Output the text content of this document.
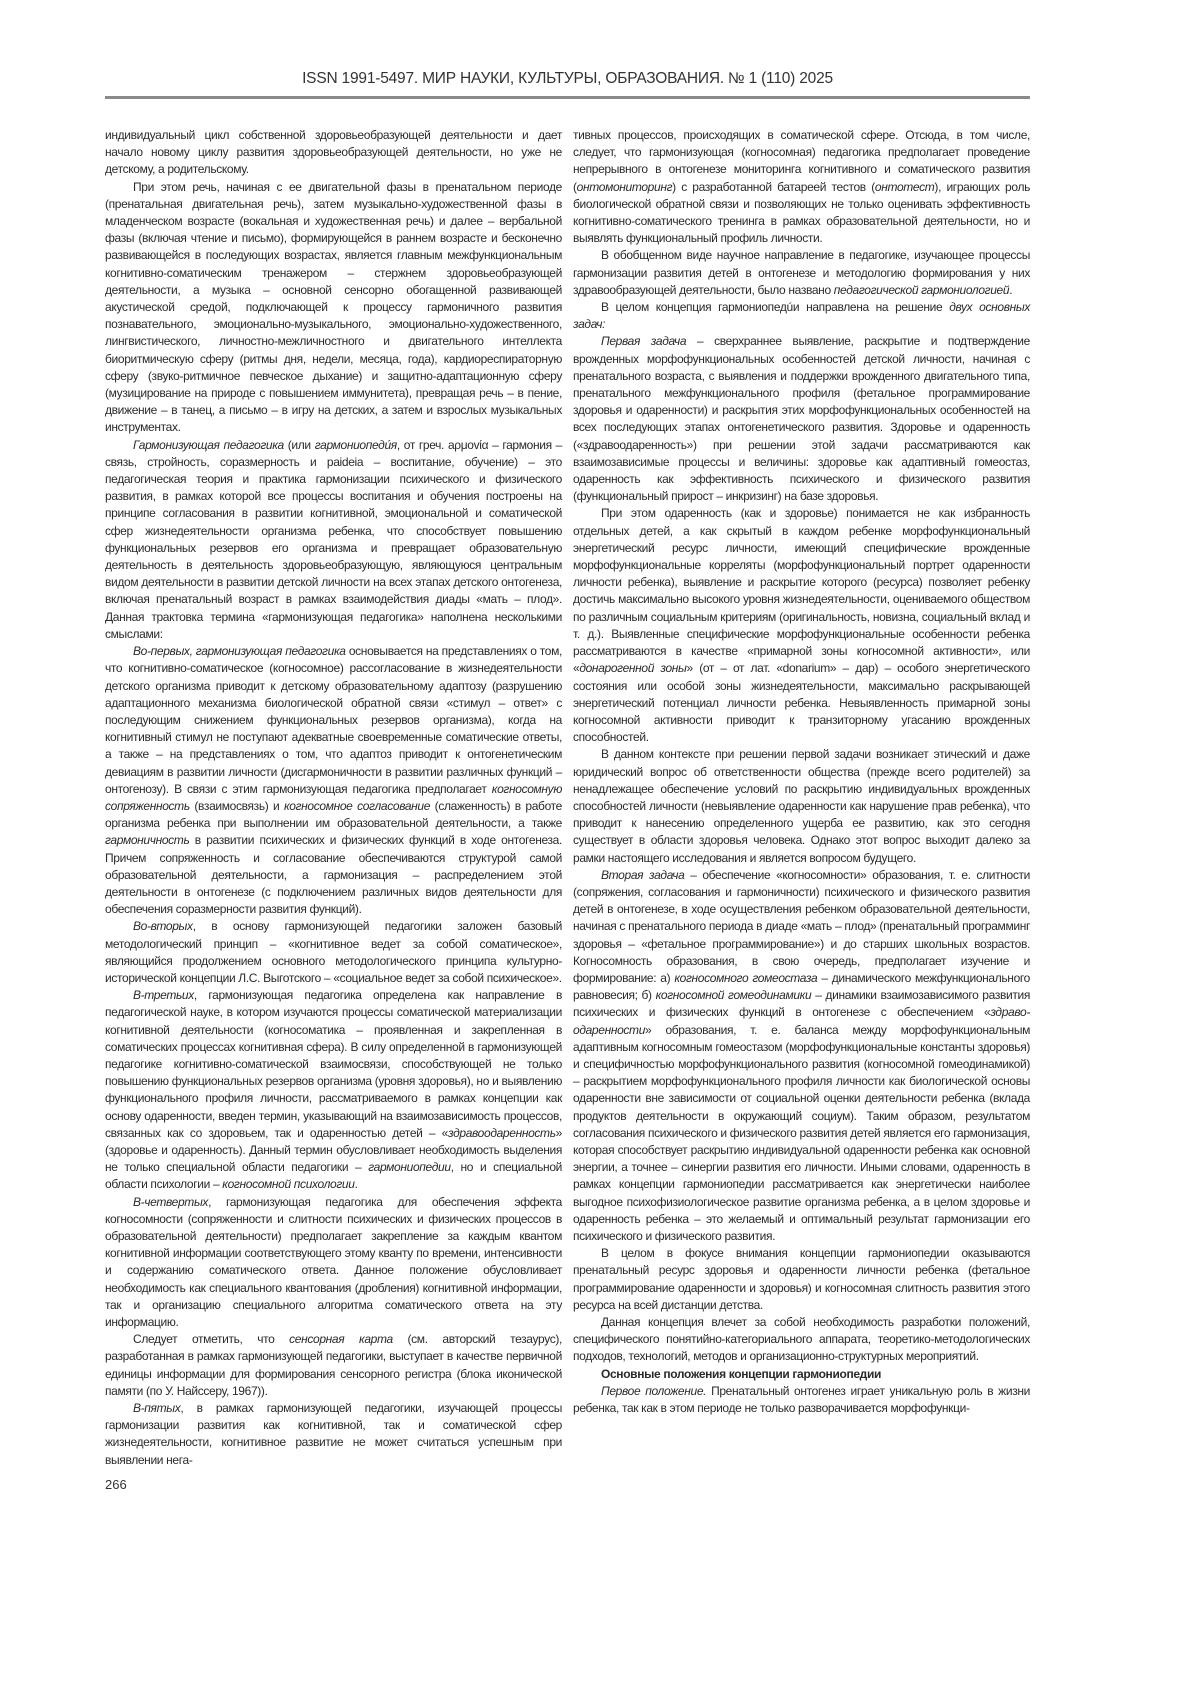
ISSN 1991-5497. МИР НАУКИ, КУЛЬТУРЫ, ОБРАЗОВАНИЯ. № 1 (110) 2025

индивидуальный цикл собственной здоровьеобразующей деятельности и дает начало новому циклу развития здоровьеобразующей деятельности, но уже не детскому, а родительскому.

При этом речь, начиная с ее двигательной фазы в пренатальном периоде (пренатальная двигательная речь), затем музыкально-художественной фазы в младенческом возрасте (вокальная и художественная речь) и далее – вербальной фазы (включая чтение и письмо), формирующейся в раннем возрасте и бесконечно развивающейся в последующих возрастах, является главным межфункциональным когнитивно-соматическим тренажером – стержнем здоровьеобразующей деятельности, а музыка – основной сенсорно обогащенной развивающей акустической средой, подключающей к процессу гармоничного развития познавательного, эмоционально-музыкального, эмоционально-художественного, лингвистического, личностно-межличностного и двигательного интеллекта биоритмическую сферу (ритмы дня, недели, месяца, года), кардиореспираторную сферу (звуко-ритмичное певческое дыхание) и защитно-адаптационную сферу (музицирование на природе с повышением иммунитета), превращая речь – в пение, движение – в танец, а письмо – в игру на детских, а затем и взрослых музыкальных инструментах.

Гармонизующая педагогика (или гармониопедúя, от греч. aρμovία – гармония – связь, стройность, соразмерность и paideia – воспитание, обучение) – это педагогическая теория и практика гармонизации психического и физического развития, в рамках которой все процессы воспитания и обучения построены на принципе согласования в развитии когнитивной, эмоциональной и соматической сфер жизнедеятельности организма ребенка, что способствует повышению функциональных резервов его организма и превращает образовательную деятельность в деятельность здоровьеобразующую, являющуюся центральным видом деятельности в развитии детской личности на всех этапах детского онтогенеза, включая пренатальный возраст в рамках взаимодействия диады «мать – плод». Данная трактовка термина «гармонизующая педагогика» наполнена несколькими смыслами:

Во-первых, гармонизующая педагогика основывается на представлениях о том, что когнитивно-соматическое (когносомное) рассогласование в жизнедеятельности детского организма приводит к детскому образовательному адаптозу (разрушению адаптационного механизма биологической обратной связи «стимул – ответ» с последующим снижением функциональных резервов организма), когда на когнитивный стимул не поступают адекватные своевременные соматические ответы, а также – на представлениях о том, что адаптоз приводит к онтогенетическим девиациям в развитии личности (дисгармоничности в развитии различных функций – онтогенозу). В связи с этим гармонизующая педагогика предполагает когносомную сопряженность (взаимосвязь) и когносомное согласование (слаженность) в работе организма ребенка при выполнении им образовательной деятельности, а также гармоничность в развитии психических и физических функций в ходе онтогенеза. Причем сопряженность и согласование обеспечиваются структурой самой образовательной деятельности, а гармонизация – распределением этой деятельности в онтогенезе (с подключением различных видов деятельности для обеспечения соразмерности развития функций).

Во-вторых, в основу гармонизующей педагогики заложен базовый методологический принцип – «когнитивное ведет за собой соматическое», являющийся продолжением основного методологического принципа культурно-исторической концепции Л.С. Выготского – «социальное ведет за собой психическое».

В-третьих, гармонизующая педагогика определена как направление в педагогической науке, в котором изучаются процессы соматической материализации когнитивной деятельности (когносоматика – проявленная и закрепленная в соматических процессах когнитивная сфера). В силу определенной в гармонизующей педагогике когнитивно-соматической взаимосвязи, способствующей не только повышению функциональных резервов организма (уровня здоровья), но и выявлению функционального профиля личности, рассматриваемого в рамках концепции как основу одаренности, введен термин, указывающий на взаимозависимость процессов, связанных как со здоровьем, так и одаренностью детей – «здравоодаренность» (здоровье и одаренность). Данный термин обусловливает необходимость выделения не только специальной области педагогики – гармониопедии, но и специальной области психологии – когносомной психологии.

В-четвертых, гармонизующая педагогика для обеспечения эффекта когносомности (сопряженности и слитности психических и физических процессов в образовательной деятельности) предполагает закрепление за каждым квантом когнитивной информации соответствующего этому кванту по времени, интенсивности и содержанию соматического ответа. Данное положение обусловливает необходимость как специального квантования (дробления) когнитивной информации, так и организацию специального алгоритма соматического ответа на эту информацию.

Следует отметить, что сенсорная карта (см. авторский тезаурус), разработанная в рамках гармонизующей педагогики, выступает в качестве первичной единицы информации для формирования сенсорного регистра (блока иконической памяти (по У. Найссеру, 1967)).

В-пятых, в рамках гармонизующей педагогики, изучающей процессы гармонизации развития как когнитивной, так и соматической сфер жизнедеятельности, когнитивное развитие не может считаться успешным при выявлении нега-

тивных процессов, происходящих в соматической сфере. Отсюда, в том числе, следует, что гармонизующая (когносомная) педагогика предполагает проведение непрерывного в онтогенезе мониторинга когнитивного и соматического развития (онтомониторинг) с разработанной батареей тестов (онтотест), играющих роль биологической обратной связи и позволяющих не только оценивать эффективность когнитивно-соматического тренинга в рамках образовательной деятельности, но и выявлять функциональный профиль личности.

В обобщенном виде научное направление в педагогике, изучающее процессы гармонизации развития детей в онтогенезе и методологию формирования у них здравообразующей деятельности, было названо педагогической гармониологией.

В целом концепция гармониопедúи направлена на решение двух основных задач:

Первая задача – сверхраннее выявление, раскрытие и подтверждение врожденных морфофункциональных особенностей детской личности, начиная с пренатального возраста, с выявления и поддержки врожденного двигательного типа, пренатального межфункционального профиля (фетальное программирование здоровья и одаренности) и раскрытия этих морфофункциональных особенностей на всех последующих этапах онтогенетического развития. Здоровье и одаренность («здравоодаренность») при решении этой задачи рассматриваются как взаимозависимые процессы и величины: здоровье как адаптивный гомеостаз, одаренность как эффективность психического и физического развития (функциональный прирост – инкризинг) на базе здоровья.

При этом одаренность (как и здоровье) понимается не как избранность отдельных детей, а как скрытый в каждом ребенке морфофункциональный энергетический ресурс личности, имеющий специфические врожденные морфофункциональные корреляты (морфофункциональный портрет одаренности личности ребенка), выявление и раскрытие которого (ресурса) позволяет ребенку достичь максимально высокого уровня жизнедеятельности, оцениваемого обществом по различным социальным критериям (оригинальность, новизна, социальный вклад и т. д.). Выявленные специфические морфофункциональные особенности ребенка рассматриваются в качестве «примарной зоны когносомной активности», или «донарогенной зоны» (от – от лат. «donarium» – дар) – особого энергетического состояния или особой зоны жизнедеятельности, максимально раскрывающей энергетический потенциал личности ребенка. Невыявленность примарной зоны когносомной активности приводит к транзиторному угасанию врожденных способностей.

В данном контексте при решении первой задачи возникает этический и даже юридический вопрос об ответственности общества (прежде всего родителей) за ненадлежащее обеспечение условий по раскрытию индивидуальных врожденных способностей личности (невыявление одаренности как нарушение прав ребенка), что приводит к нанесению определенного ущерба ее развитию, как это сегодня существует в области здоровья человека. Однако этот вопрос выходит далеко за рамки настоящего исследования и является вопросом будущего.

Вторая задача – обеспечение «когносомности» образования, т. е. слитности (сопряжения, согласования и гармоничности) психического и физического развития детей в онтогенезе, в ходе осуществления ребенком образовательной деятельности, начиная с пренатального периода в диаде «мать – плод» (пренатальный программинг здоровья – «фетальное программирование») и до старших школьных возрастов. Когносомность образования, в свою очередь, предполагает изучение и формирование: а) когносомного гомеостаза – динамического межфункционального равновесия; б) когносомной гомеодинамики – динамики взаимозависимого развития психических и физических функций в онтогенезе с обеспечением «здраво-одаренности» образования, т. е. баланса между морфофункциональным адаптивным когносомным гомеостазом (морфофункциональные константы здоровья) и специфичностью морфофункционального развития (когносомной гомеодинамикой) – раскрытием морфофункционального профиля личности как биологической основы одаренности вне зависимости от социальной оценки деятельности ребенка (вклада продуктов деятельности в окружающий социум). Таким образом, результатом согласования психического и физического развития детей является его гармонизация, которая способствует раскрытию индивидуальной одаренности ребенка как основной энергии, а точнее – синергии развития его личности. Иными словами, одаренность в рамках концепции гармониопедии рассматривается как энергетически наиболее выгодное психофизиологическое развитие организма ребенка, а в целом здоровье и одаренность ребенка – это желаемый и оптимальный результат гармонизации его психического и физического развития.

В целом в фокусе внимания концепции гармониопедии оказываются пренатальный ресурс здоровья и одаренности личности ребенка (фетальное программирование одаренности и здоровья) и когносомная слитность развития этого ресурса на всей дистанции детства.

Данная концепция влечет за собой необходимость разработки положений, специфического понятийно-категориального аппарата, теоретико-методологических подходов, технологий, методов и организационно-структурных мероприятий.

Основные положения концепции гармониопедии

Первое положение. Пренатальный онтогенез играет уникальную роль в жизни ребенка, так как в этом периоде не только разворачивается морфофункци-

266
